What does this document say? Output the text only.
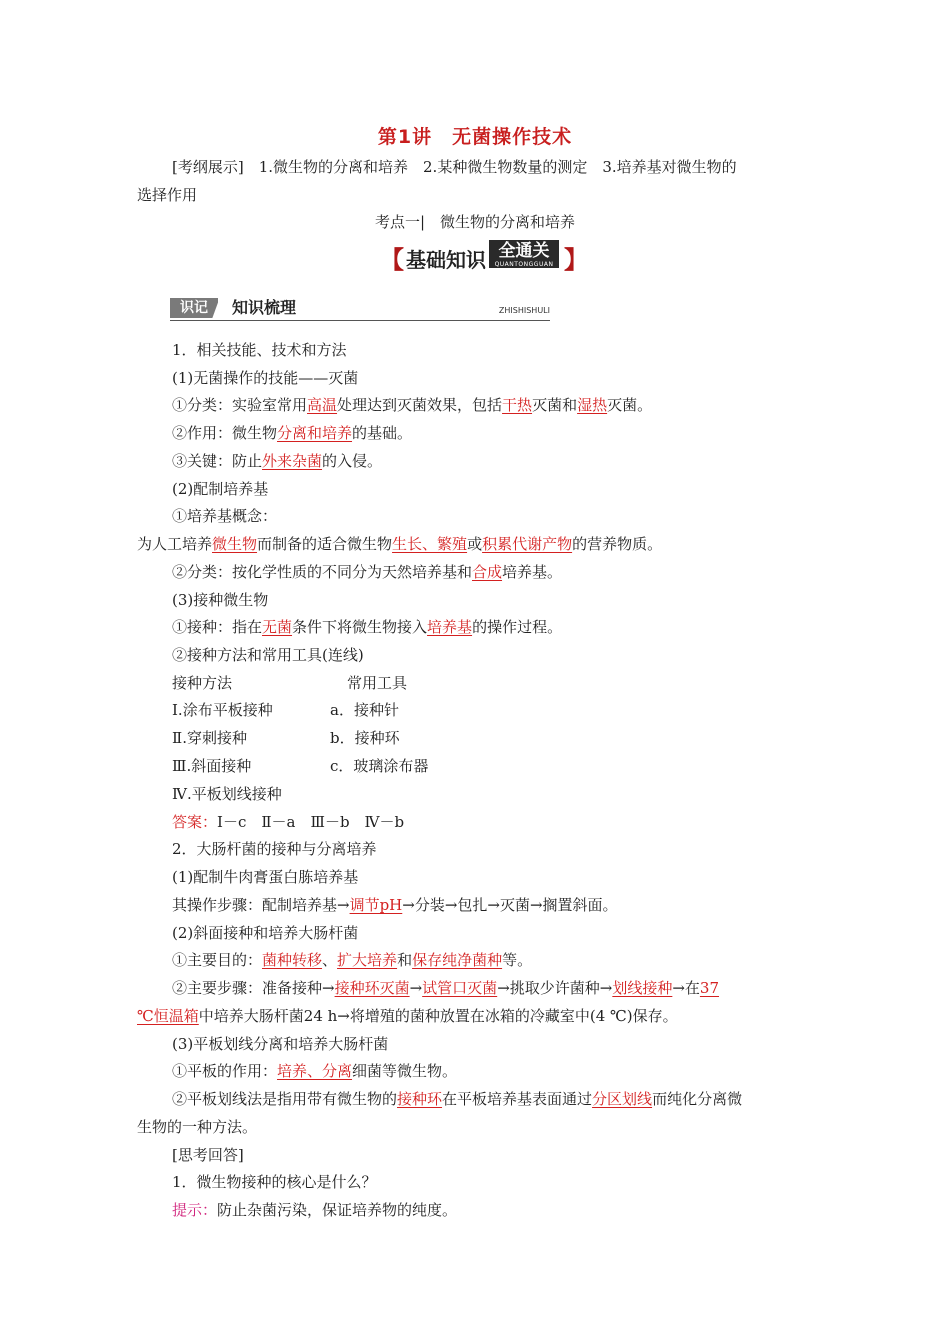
第1讲　无菌操作技术
[考纲展示]　1.微生物的分离和培养　2.某种微生物数量的测定　3.培养基对微生物的
选择作用
考点一|　微生物的分离和培养
【 基础知识 全通关
QUANTONGGUAN 】
识记	知识梳理	ZHISHISHULI
1．相关技能、技术和方法
(1)无菌操作的技能——灭菌
①分类：实验室常用高温处理达到灭菌效果，包括干热灭菌和湿热灭菌。
②作用：微生物分离和培养的基础。
③关键：防止外来杂菌的入侵。
(2)配制培养基
①培养基概念：
为人工培养微生物而制备的适合微生物生长、繁殖或积累代谢产物的营养物质。
②分类：按化学性质的不同分为天然培养基和合成培养基。
(3)接种微生物
①接种：指在无菌条件下将微生物接入培养基的操作过程。
②接种方法和常用工具(连线)
接种方法	常用工具
Ⅰ.涂布平板接种	a．接种针
Ⅱ.穿刺接种	b．接种环
Ⅲ.斜面接种	c．玻璃涂布器
Ⅳ.平板划线接种
答案：Ⅰ－c　Ⅱ－a　Ⅲ－b　Ⅳ－b
2．大肠杆菌的接种与分离培养
(1)配制牛肉膏蛋白胨培养基
其操作步骤：配制培养基→调节pH→分装→包扎→灭菌→搁置斜面。
(2)斜面接种和培养大肠杆菌
①主要目的：菌种转移、扩大培养和保存纯净菌种等。
②主要步骤：准备接种→接种环灭菌→试管口灭菌→挑取少许菌种→划线接种→在37
℃恒温箱中培养大肠杆菌24 h→将增殖的菌种放置在冰箱的冷藏室中(4 ℃)保存。
(3)平板划线分离和培养大肠杆菌
①平板的作用：培养、分离细菌等微生物。
②平板划线法是指用带有微生物的接种环在平板培养基表面通过分区划线而纯化分离微
生物的一种方法。
[思考回答]
1．微生物接种的核心是什么？
提示：防止杂菌污染，保证培养物的纯度。
